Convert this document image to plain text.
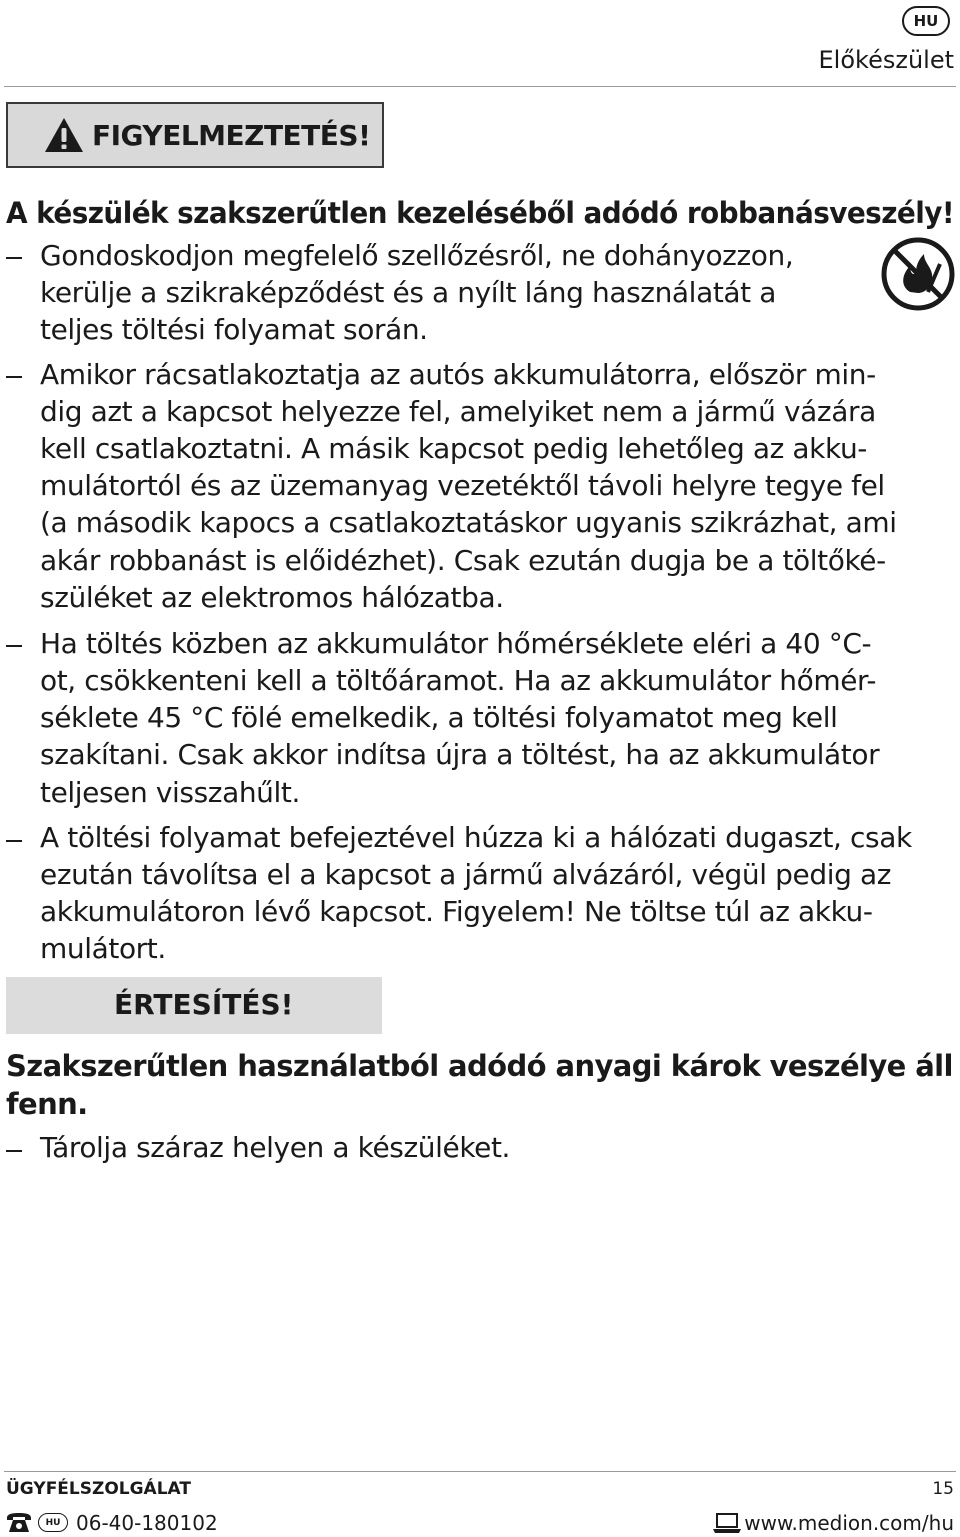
HU
Előkészület
FIGYELMEZTETÉS!
A készülék szakszerűtlen kezeléséből adódó robbanásveszély!
Gondoskodjon megfelelő szellőzésről, ne dohányozzon,
kerülje a szikraképződést és a nyílt láng használatát a
teljes töltési folyamat során.
Amikor rácsatlakoztatja az autós akkumulátorra, először min-
dig azt a kapcsot helyezze fel, amelyiket nem a jármű vázára
kell csatlakoztatni. A másik kapcsot pedig lehetőleg az akku-
mulátortól és az üzemanyag vezetéktől távoli helyre tegye fel
(a második kapocs a csatlakoztatáskor ugyanis szikrázhat, ami
akár robbanást is előidézhet). Csak ezután dugja be a töltőké-
szüléket az elektromos hálózatba.
Ha töltés közben az akkumulátor hőmérséklete eléri a 40 °C-
ot, csökkenteni kell a töltőáramot. Ha az akkumulátor hőmér-
séklete 45 °C fölé emelkedik, a töltési folyamatot meg kell
szakítani. Csak akkor indítsa újra a töltést, ha az akkumulátor
teljesen visszahűlt.
A töltési folyamat befejeztével húzza ki a hálózati dugaszt, csak
ezután távolítsa el a kapcsot a jármű alvázáról, végül pedig az
akkumulátoron lévő kapcsot. Figyelem! Ne töltse túl az akku-
mulátort.
ÉRTESÍTÉS!
Szakszerűtlen használatból adódó anyagi károk veszélye áll
fenn.
Tárolja száraz helyen a készüléket.
ÜGYFÉLSZOLGÁLAT	15
HU 06-40-180102	www.medion.com/hu
